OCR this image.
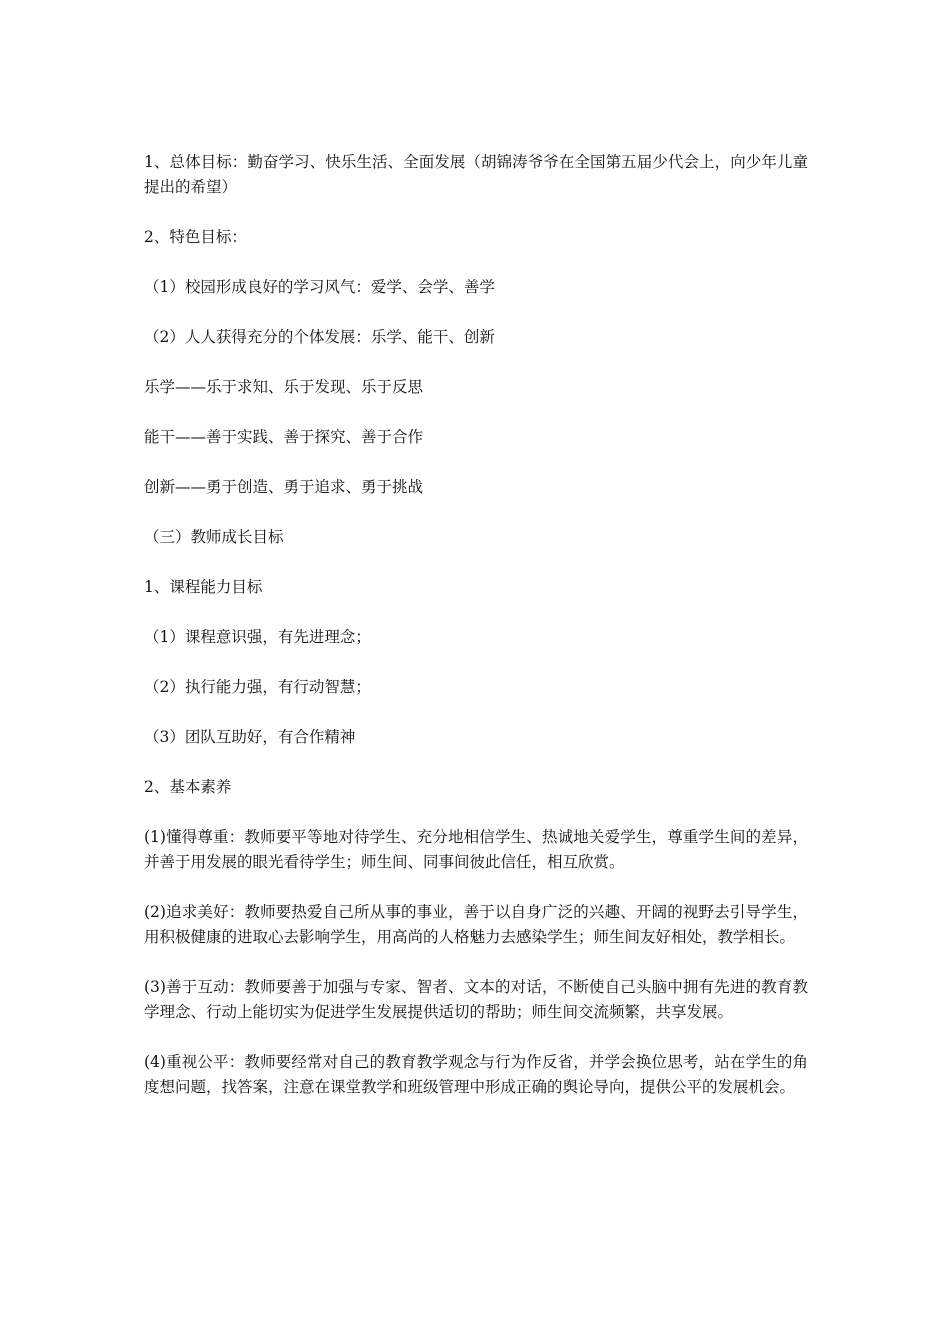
1、总体目标：勤奋学习、快乐生活、全面发展（胡锦涛爷爷在全国第五届少代会上，向少年儿童提出的希望）

2、特色目标：

（1）校园形成良好的学习风气：爱学、会学、善学

（2）人人获得充分的个体发展：乐学、能干、创新

乐学——乐于求知、乐于发现、乐于反思

能干——善于实践、善于探究、善于合作

创新——勇于创造、勇于追求、勇于挑战

（三）教师成长目标

1、课程能力目标

（1）课程意识强，有先进理念；

（2）执行能力强，有行动智慧；

（3）团队互助好，有合作精神

2、基本素养

(1)懂得尊重：教师要平等地对待学生、充分地相信学生、热诚地关爱学生，尊重学生间的差异，并善于用发展的眼光看待学生；师生间、同事间彼此信任，相互欣赏。

(2)追求美好：教师要热爱自己所从事的事业，善于以自身广泛的兴趣、开阔的视野去引导学生，用积极健康的进取心去影响学生，用高尚的人格魅力去感染学生；师生间友好相处，教学相长。

(3)善于互动：教师要善于加强与专家、智者、文本的对话，不断使自己头脑中拥有先进的教育教学理念、行动上能切实为促进学生发展提供适切的帮助；师生间交流频繁，共享发展。

(4)重视公平：教师要经常对自己的教育教学观念与行为作反省，并学会换位思考，站在学生的角度想问题，找答案，注意在课堂教学和班级管理中形成正确的舆论导向，提供公平的发展机会。
